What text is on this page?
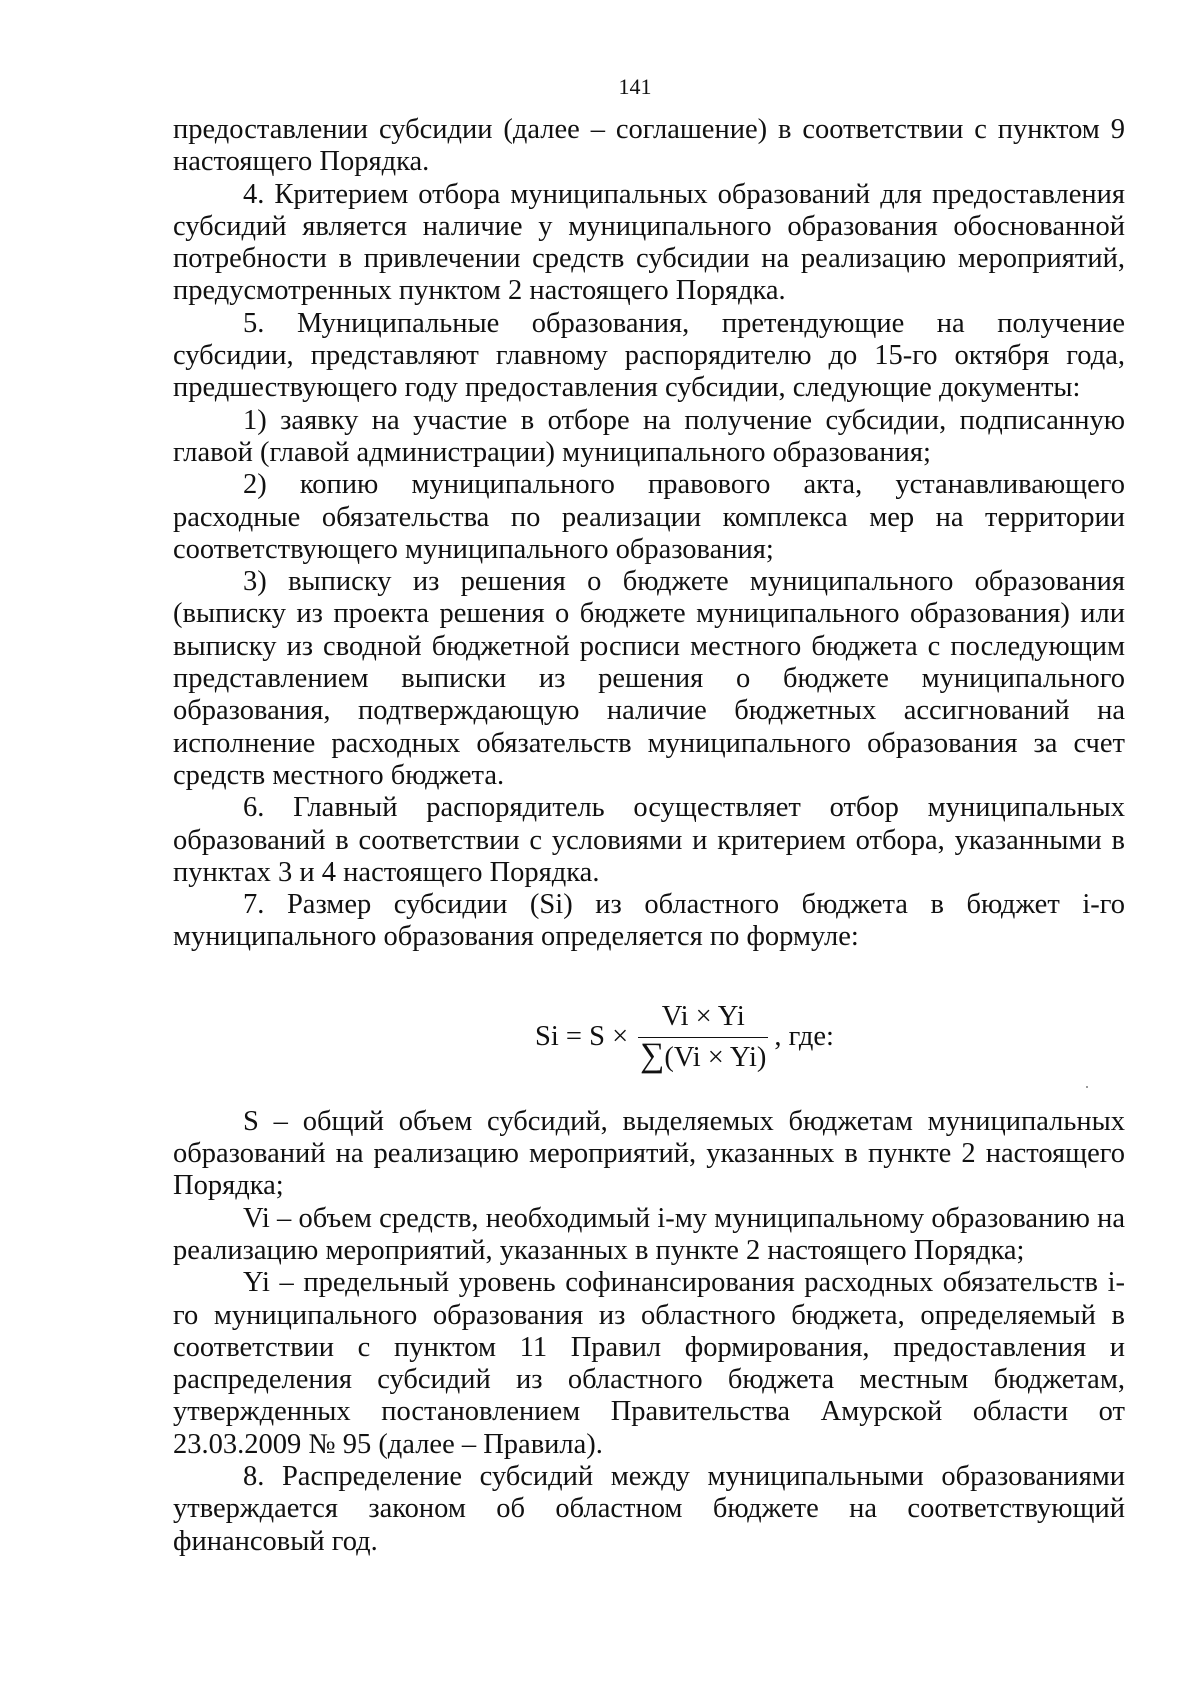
141

предоставлении субсидии (далее – соглашение) в соответствии с пунктом 9 настоящего Порядка.

4. Критерием отбора муниципальных образований для предоставления субсидий является наличие у муниципального образования обоснованной потребности в привлечении средств субсидии на реализацию мероприятий, предусмотренных пунктом 2 настоящего Порядка.

5. Муниципальные образования, претендующие на получение субсидии, представляют главному распорядителю до 15-го октября года, предшествующего году предоставления субсидии, следующие документы:

1) заявку на участие в отборе на получение субсидии, подписанную главой (главой администрации) муниципального образования;

2) копию муниципального правового акта, устанавливающего расходные обязательства по реализации комплекса мер на территории соответствующего муниципального образования;

3) выписку из решения о бюджете муниципального образования (выписку из проекта решения о бюджете муниципального образования) или выписку из сводной бюджетной росписи местного бюджета с последующим представлением выписки из решения о бюджете муниципального образования, подтверждающую наличие бюджетных ассигнований на исполнение расходных обязательств муниципального образования за счет средств местного бюджета.

6. Главный распорядитель осуществляет отбор муниципальных образований в соответствии с условиями и критерием отбора, указанными в пунктах 3 и 4 настоящего Порядка.

7. Размер субсидии (Si) из областного бюджета в бюджет i-го муниципального образования определяется по формуле:

$Si = S \times \frac{Vi \times Yi}{\sum(Vi \times Yi)}$ , где:

S – общий объем субсидий, выделяемых бюджетам муниципальных образований на реализацию мероприятий, указанных в пункте 2 настоящего Порядка;

Vi – объем средств, необходимый i-му муниципальному образованию на реализацию мероприятий, указанных в пункте 2 настоящего Порядка;

Yi – предельный уровень софинансирования расходных обязательств i-го муниципального образования из областного бюджета, определяемый в соответствии с пунктом 11 Правил формирования, предоставления и распределения субсидий из областного бюджета местным бюджетам, утвержденных постановлением Правительства Амурской области от 23.03.2009 № 95 (далее – Правила).

8. Распределение субсидий между муниципальными образованиями утверждается законом об областном бюджете на соответствующий финансовый год.
